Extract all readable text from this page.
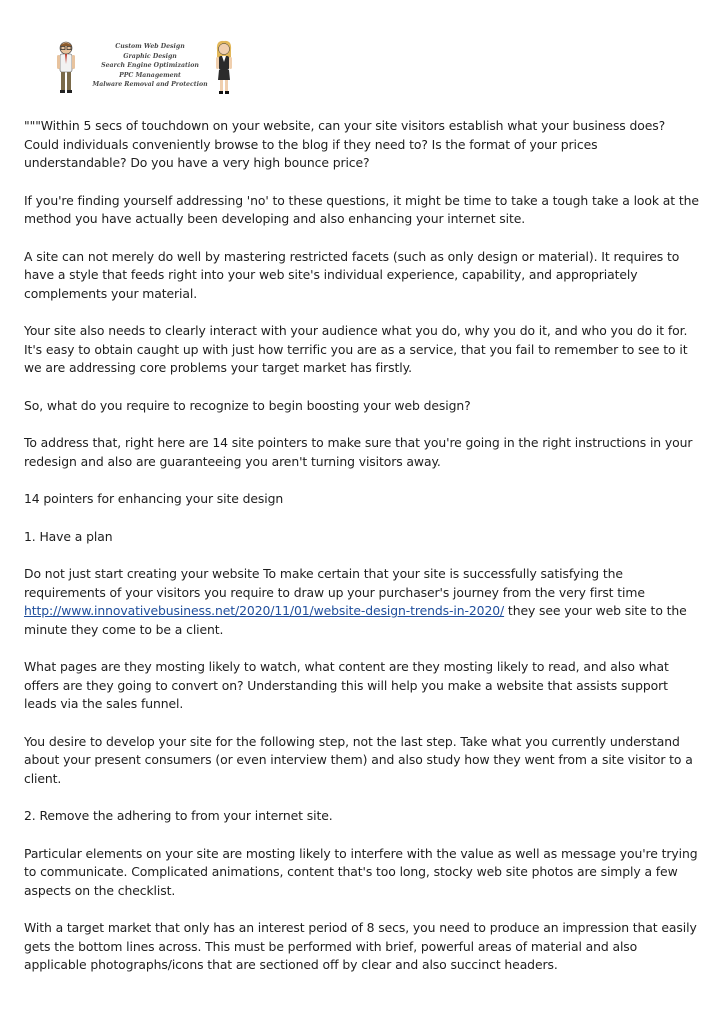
Custom Web Design
Graphic Design
Search Engine Optimization
PPC Management
Malware Removal and Protection

"""Within 5 secs of touchdown on your website, can your site visitors establish what your business does? Could individuals conveniently browse to the blog if they need to? Is the format of your prices understandable? Do you have a very high bounce price?

If you're finding yourself addressing 'no' to these questions, it might be time to take a tough take a look at the method you have actually been developing and also enhancing your internet site.

A site can not merely do well by mastering restricted facets (such as only design or material). It requires to have a style that feeds right into your web site's individual experience, capability, and appropriately complements your material.

Your site also needs to clearly interact with your audience what you do, why you do it, and who you do it for. It's easy to obtain caught up with just how terrific you are as a service, that you fail to remember to see to it we are addressing core problems your target market has firstly.

So, what do you require to recognize to begin boosting your web design?

To address that, right here are 14 site pointers to make sure that you're going in the right instructions in your redesign and also are guaranteeing you aren't turning visitors away.

14 pointers for enhancing your site design

1. Have a plan

Do not just start creating your website To make certain that your site is successfully satisfying the requirements of your visitors you require to draw up your purchaser's journey from the very first time http://www.innovativebusiness.net/2020/11/01/website-design-trends-in-2020/ they see your web site to the minute they come to be a client.

What pages are they mosting likely to watch, what content are they mosting likely to read, and also what offers are they going to convert on? Understanding this will help you make a website that assists support leads via the sales funnel.

You desire to develop your site for the following step, not the last step. Take what you currently understand about your present consumers (or even interview them) and also study how they went from a site visitor to a client.

2. Remove the adhering to from your internet site.

Particular elements on your site are mosting likely to interfere with the value as well as message you're trying to communicate. Complicated animations, content that's too long, stocky web site photos are simply a few aspects on the checklist.

With a target market that only has an interest period of 8 secs, you need to produce an impression that easily gets the bottom lines across. This must be performed with brief, powerful areas of material and also applicable photographs/icons that are sectioned off by clear and also succinct headers.
